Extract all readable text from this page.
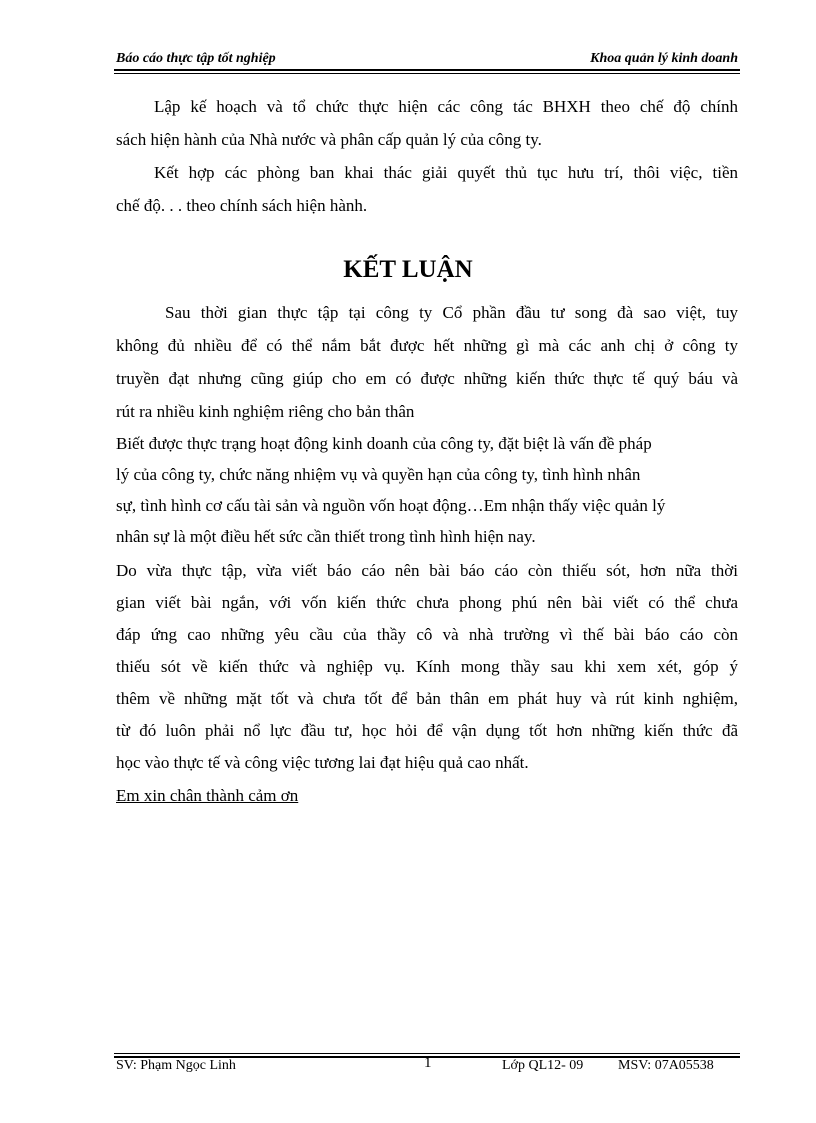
Báo cáo thực tập tốt nghiệp	Khoa quản lý kinh doanh

Lập kế hoạch và tổ chức thực hiện các công tác BHXH theo chế độ chính

sách hiện hành của Nhà nước và phân cấp quản lý của công ty.

Kết hợp các phòng ban khai thác giải quyết thủ tục hưu trí, thôi việc, tiền

chế độ. . . theo chính sách hiện hành.

KẾT LUẬN

Sau thời gian thực tập tại công ty Cổ phần đầu tư song đà sao việt, tuy

không đủ nhiều để có thể nắm bắt được hết những gì mà các anh chị ở công ty

truyền đạt nhưng cũng giúp cho em có được những kiến thức thực tế quý báu và

rút ra nhiều kinh nghiệm riêng cho bản thân

Biết được thực trạng hoạt động kinh doanh của công ty, đặt biệt là vấn đề pháp

lý của công ty, chức năng nhiệm vụ và quyền hạn của công ty, tình hình nhân

sự, tình hình cơ cấu tài sản và nguồn vốn hoạt động…Em nhận thấy việc quản lý

nhân sự là một điều hết sức cần thiết trong tình hình hiện nay.

Do vừa thực tập, vừa viết báo cáo nên bài báo cáo còn thiếu sót, hơn nữa thời

gian viết bài ngắn, với vốn kiến thức chưa phong phú nên bài viết có thể chưa

đáp ứng cao những yêu cầu của thầy cô và nhà trường vì thế bài báo cáo còn

thiếu sót về kiến thức và nghiệp vụ. Kính mong thầy sau khi xem xét, góp ý

thêm về những mặt tốt và chưa tốt để bản thân em phát huy và rút kinh nghiệm,

từ đó luôn phải nổ lực đầu tư, học hỏi để vận dụng tốt hơn những kiến thức đã

học vào thực tế và công việc tương lai đạt hiệu quả cao nhất.

Em xin chân thành cảm ơn
SV: Phạm Ngọc Linh	1	Lớp QL12- 09 MSV: 07A05538
